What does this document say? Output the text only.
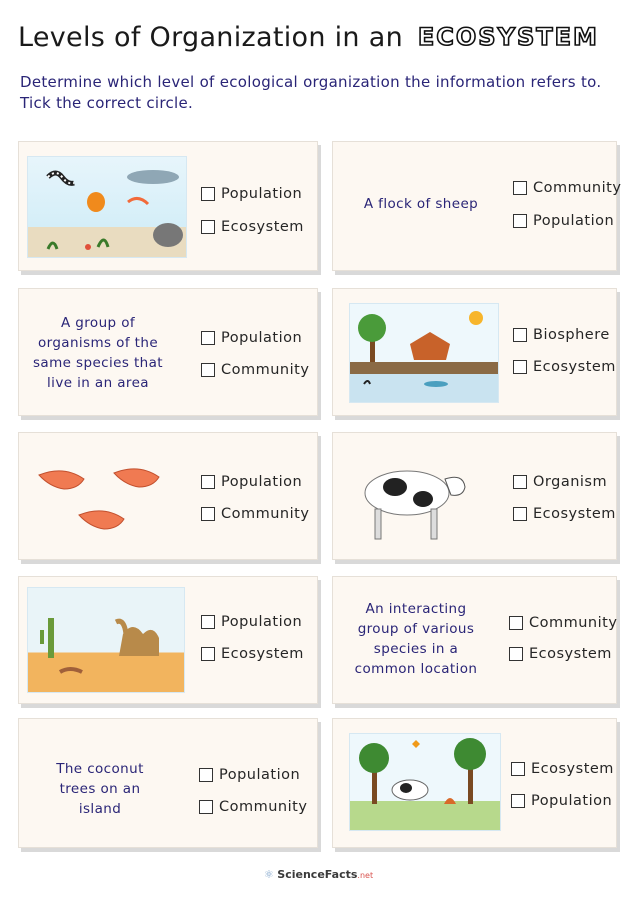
Levels of Organization in an ECOSYSTEM
Determine which level of ecological organization the information refers to. Tick the correct circle.
Population
Ecosystem
A flock of sheep
Community
Population
A group of organisms of the same species that live in an area
Population
Community
Biosphere
Ecosystem
Population
Community
Organism
Ecosystem
Population
Ecosystem
An interacting group of various species in a common location
Community
Ecosystem
The coconut trees on an island
Population
Community
Ecosystem
Population
⚛ ScienceFacts.net
